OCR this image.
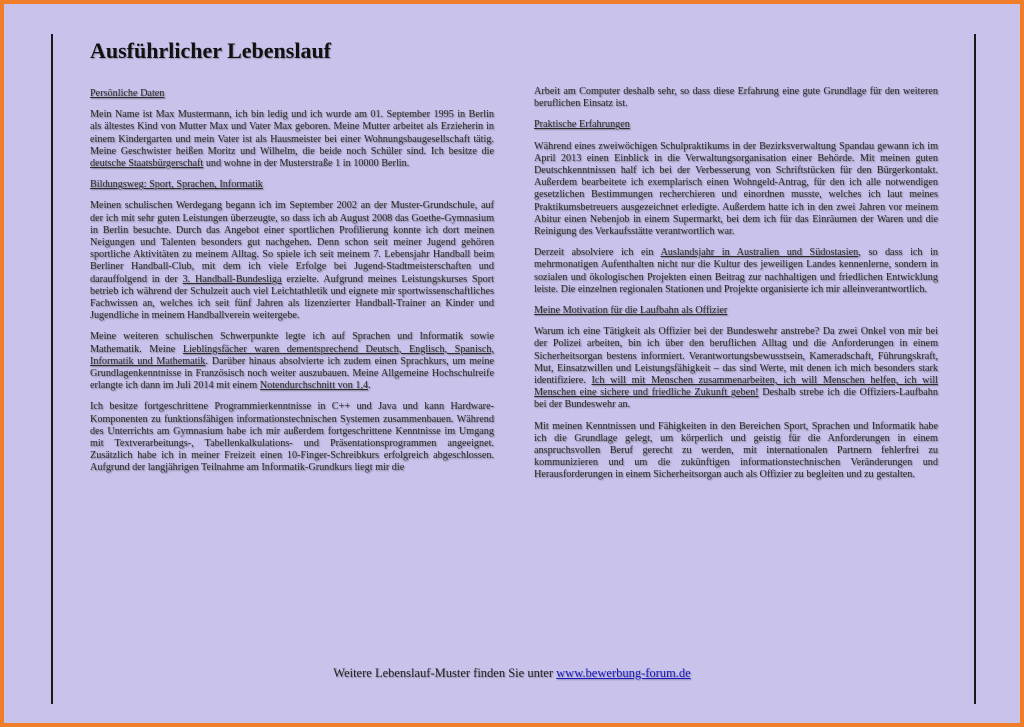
Ausführlicher Lebenslauf
Persönliche Daten

Mein Name ist Max Mustermann, ich bin ledig und ich wurde am 01. September 1995 in Berlin als ältestes Kind von Mutter Max und Vater Max geboren. Meine Mutter arbeitet als Erzieherin in einem Kindergarten und mein Vater ist als Hausmeister bei einer Wohnungsbaugesellschaft tätig. Meine Geschwister heißen Moritz und Wilhelm, die beide noch Schüler sind. Ich besitze die deutsche Staatsbürgerschaft und wohne in der Musterstraße 1 in 10000 Berlin.

Bildungsweg: Sport, Sprachen, Informatik

Meinen schulischen Werdegang begann ich im September 2002 an der Muster-Grundschule, auf der ich mit sehr guten Leistungen überzeugte, so dass ich ab August 2008 das Goethe-Gymnasium in Berlin besuchte. Durch das Angebot einer sportlichen Profilierung konnte ich dort meinen Neigungen und Talenten besonders gut nachgehen. Denn schon seit meiner Jugend gehören sportliche Aktivitäten zu meinem Alltag. So spiele ich seit meinem 7. Lebensjahr Handball beim Berliner Handball-Club, mit dem ich viele Erfolge bei Jugend-Stadtmeisterschaften und darauffolgend in der 3. Handball-Bundesliga erzielte. Aufgrund meines Leistungskurses Sport betrieb ich während der Schulzeit auch viel Leichtathletik und eignete mir sportwissenschaftliches Fachwissen an, welches ich seit fünf Jahren als lizenzierter Handball-Trainer an Kinder und Jugendliche in meinem Handballverein weitergebe.

Meine weiteren schulischen Schwerpunkte legte ich auf Sprachen und Informatik sowie Mathematik. Meine Lieblingsfächer waren dementsprechend Deutsch, Englisch, Spanisch, Informatik und Mathematik. Darüber hinaus absolvierte ich zudem einen Sprachkurs, um meine Grundlagenkenntnisse in Französisch noch weiter auszubauen. Meine Allgemeine Hochschulreife erlangte ich dann im Juli 2014 mit einem Notendurchschnitt von 1,4.

Ich besitze fortgeschrittene Programmierkenntnisse in C++ und Java und kann Hardware-Komponenten zu funktionsfähigen informationstechnischen Systemen zusammenbauen. Während des Unterrichts am Gymnasium habe ich mir außerdem fortgeschrittene Kenntnisse im Umgang mit Textverarbeitungs-, Tabellenkalkulations- und Präsentationsprogrammen angeeignet. Zusätzlich habe ich in meiner Freizeit einen 10-Finger-Schreibkurs erfolgreich abgeschlossen. Aufgrund der langjährigen Teilnahme am Informatik-Grundkurs liegt mir die

Arbeit am Computer deshalb sehr, so dass diese Erfahrung eine gute Grundlage für den weiteren beruflichen Einsatz ist.

Praktische Erfahrungen

Während eines zweiwöchigen Schulpraktikums in der Bezirksverwaltung Spandau gewann ich im April 2013 einen Einblick in die Verwaltungsorganisation einer Behörde. Mit meinen guten Deutschkenntnissen half ich bei der Verbesserung von Schriftstücken für den Bürgerkontakt. Außerdem bearbeitete ich exemplarisch einen Wohngeld-Antrag, für den ich alle notwendigen gesetzlichen Bestimmungen recherchieren und einordnen musste, welches ich laut meines Praktikumsbetreuers ausgezeichnet erledigte. Außerdem hatte ich in den zwei Jahren vor meinem Abitur einen Nebenjob in einem Supermarkt, bei dem ich für das Einräumen der Waren und die Reinigung des Verkaufsstätte verantwortlich war.

Derzeit absolviere ich ein Auslandsjahr in Australien und Südostasien, so dass ich in mehrmonatigen Aufenthalten nicht nur die Kultur des jeweiligen Landes kennenlerne, sondern in sozialen und ökologischen Projekten einen Beitrag zur nachhaltigen und friedlichen Entwicklung leiste. Die einzelnen regionalen Stationen und Projekte organisierte ich mir alleinverantwortlich.

Meine Motivation für die Laufbahn als Offizier

Warum ich eine Tätigkeit als Offizier bei der Bundeswehr anstrebe? Da zwei Onkel von mir bei der Polizei arbeiten, bin ich über den beruflichen Alltag und die Anforderungen in einem Sicherheitsorgan bestens informiert. Verantwortungsbewusstsein, Kameradschaft, Führungskraft, Mut, Einsatzwillen und Leistungsfähigkeit – das sind Werte, mit denen ich mich besonders stark identifiziere. Ich will mit Menschen zusammenarbeiten, ich will Menschen helfen, ich will Menschen eine sichere und friedliche Zukunft geben! Deshalb strebe ich die Offiziers-Laufbahn bei der Bundeswehr an.

Mit meinen Kenntnissen und Fähigkeiten in den Bereichen Sport, Sprachen und Informatik habe ich die Grundlage gelegt, um körperlich und geistig für die Anforderungen in einem anspruchsvollen Beruf gerecht zu werden, mit internationalen Partnern fehlerfrei zu kommunizieren und um die zukünftigen informationstechnischen Veränderungen und Herausforderungen in einem Sicherheitsorgan auch als Offizier zu begleiten und zu gestalten.

Weitere Lebenslauf-Muster finden Sie unter www.bewerbung-forum.de
